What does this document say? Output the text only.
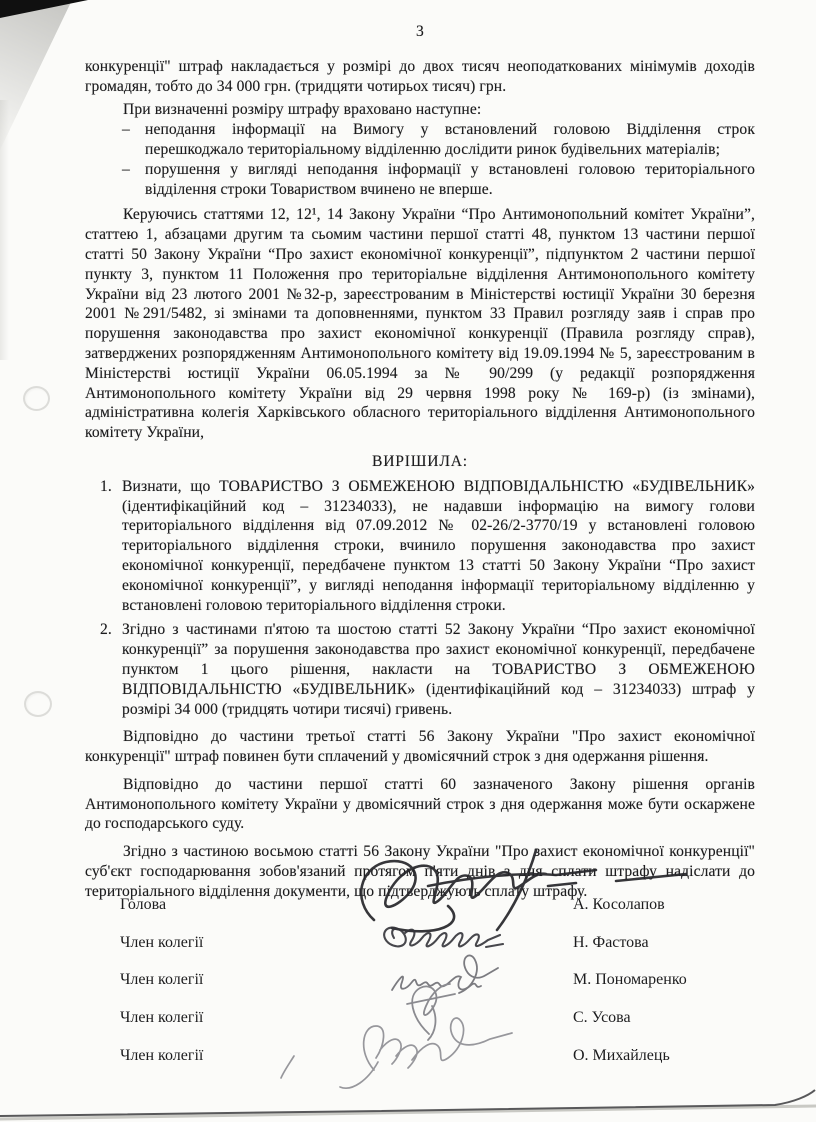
3
конкуренції" штраф накладається у розмірі до двох тисяч неоподаткованих мінімумів доходів громадян, тобто до 34 000 грн. (тридцяти чотирьох тисяч) грн.
При визначенні розміру штрафу враховано наступне:
– неподання інформації на Вимогу у встановлений головою Відділення строк перешкоджало територіальному відділенню дослідити ринок будівельних матеріалів;
– порушення у вигляді неподання інформації у встановлені головою територіального відділення строки Товариством вчинено не вперше.
Керуючись статтями 12, 12¹, 14 Закону України “Про Антимонопольний комітет України”, статтею 1, абзацами другим та сьомим частини першої статті 48, пунктом 13 частини першої статті 50 Закону України “Про захист економічної конкуренції”, підпунктом 2 частини першої пункту 3, пунктом 11 Положення про територіальне відділення Антимонопольного комітету України від 23 лютого 2001 №32-р, зареєстрованим в Міністерстві юстиції України 30 березня 2001 №291/5482, зі змінами та доповненнями, пунктом 33 Правил розгляду заяв і справ про порушення законодавства про захист економічної конкуренції (Правила розгляду справ), затверджених розпорядженням Антимонопольного комітету від 19.09.1994 № 5, зареєстрованим в Міністерстві юстиції України 06.05.1994 за № 90/299 (у редакції розпорядження Антимонопольного комітету України від 29 червня 1998 року № 169-р) (із змінами), адміністративна колегія Харківського обласного територіального відділення Антимонопольного комітету України,
ВИРІШИЛА:
1. Визнати, що ТОВАРИСТВО З ОБМЕЖЕНОЮ ВІДПОВІДАЛЬНІСТЮ «БУДІВЕЛЬНИК» (ідентифікаційний код – 31234033), не надавши інформацію на вимогу голови територіального відділення від 07.09.2012 № 02-26/2-3770/19 у встановлені головою територіального відділення строки, вчинило порушення законодавства про захист економічної конкуренції, передбачене пунктом 13 статті 50 Закону України “Про захист економічної конкуренції”, у вигляді неподання інформації територіальному відділенню у встановлені головою територіального відділення строки.
2. Згідно з частинами п'ятою та шостою статті 52 Закону України “Про захист економічної конкуренції” за порушення законодавства про захист економічної конкуренції, передбачене пунктом 1 цього рішення, накласти на ТОВАРИСТВО З ОБМЕЖЕНОЮ ВІДПОВІДАЛЬНІСТЮ «БУДІВЕЛЬНИК» (ідентифікаційний код – 31234033) штраф у розмірі 34 000 (тридцять чотири тисячі) гривень.
Відповідно до частини третьої статті 56 Закону України "Про захист економічної конкуренції" штраф повинен бути сплачений у двомісячний строк з дня одержання рішення.
Відповідно до частини першої статті 60 зазначеного Закону рішення органів Антимонопольного комітету України у двомісячний строк з дня одержання може бути оскаржене до господарського суду.
Згідно з частиною восьмою статті 56 Закону України "Про захист економічної конкуренції" суб'єкт господарювання зобов'язаний протягом п'яти днів з дня сплати штрафу надіслати до територіального відділення документи, що підтверджують сплату штрафу.
Голова	А. Косолапов
Член колегії	Н. Фастова
Член колегії	М. Пономаренко
Член колегії	С. Усова
Член колегії	О. Михайлець
